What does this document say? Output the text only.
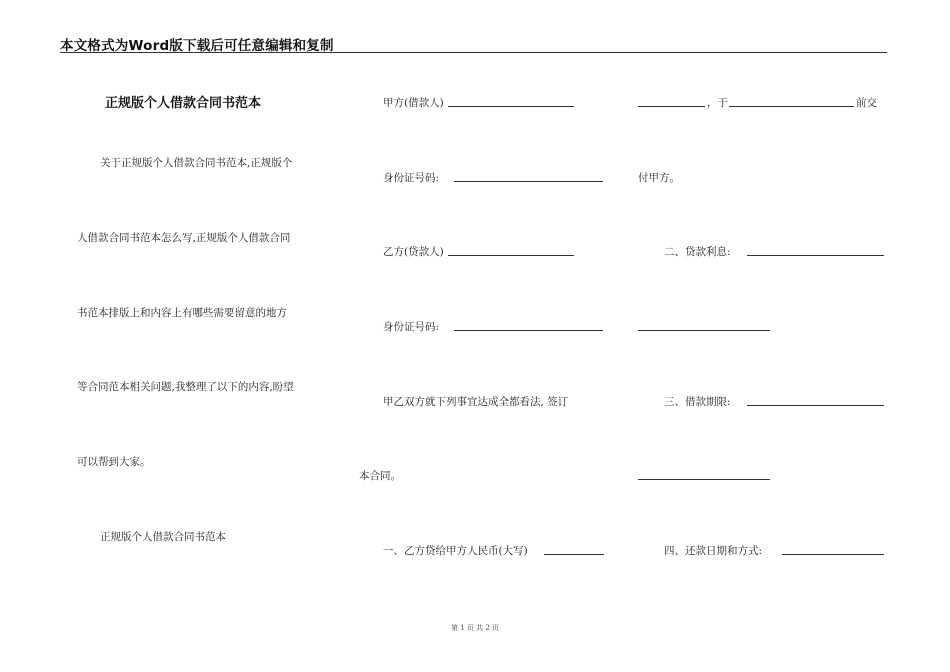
本文格式为Word版下载后可任意编辑和复制
正规版个人借款合同书范本
关于正规版个人借款合同书范本,正规版个
人借款合同书范本怎么写,正规版个人借款合同
书范本排版上和内容上有哪些需要留意的地方
等合同范本相关问题,我整理了以下的内容,盼望
可以帮到大家。
正规版个人借款合同书范本
甲方(借款人)
身份证号码:
乙方(贷款人)
身份证号码:
甲乙双方就下列事宜达成全都看法, 签订
本合同。
一、乙方贷给甲方人民币(大写)
，于	前交
付甲方。
二、贷款利息:
三、借款期限:
四、还款日期和方式:
第 1 页 共 2 页
